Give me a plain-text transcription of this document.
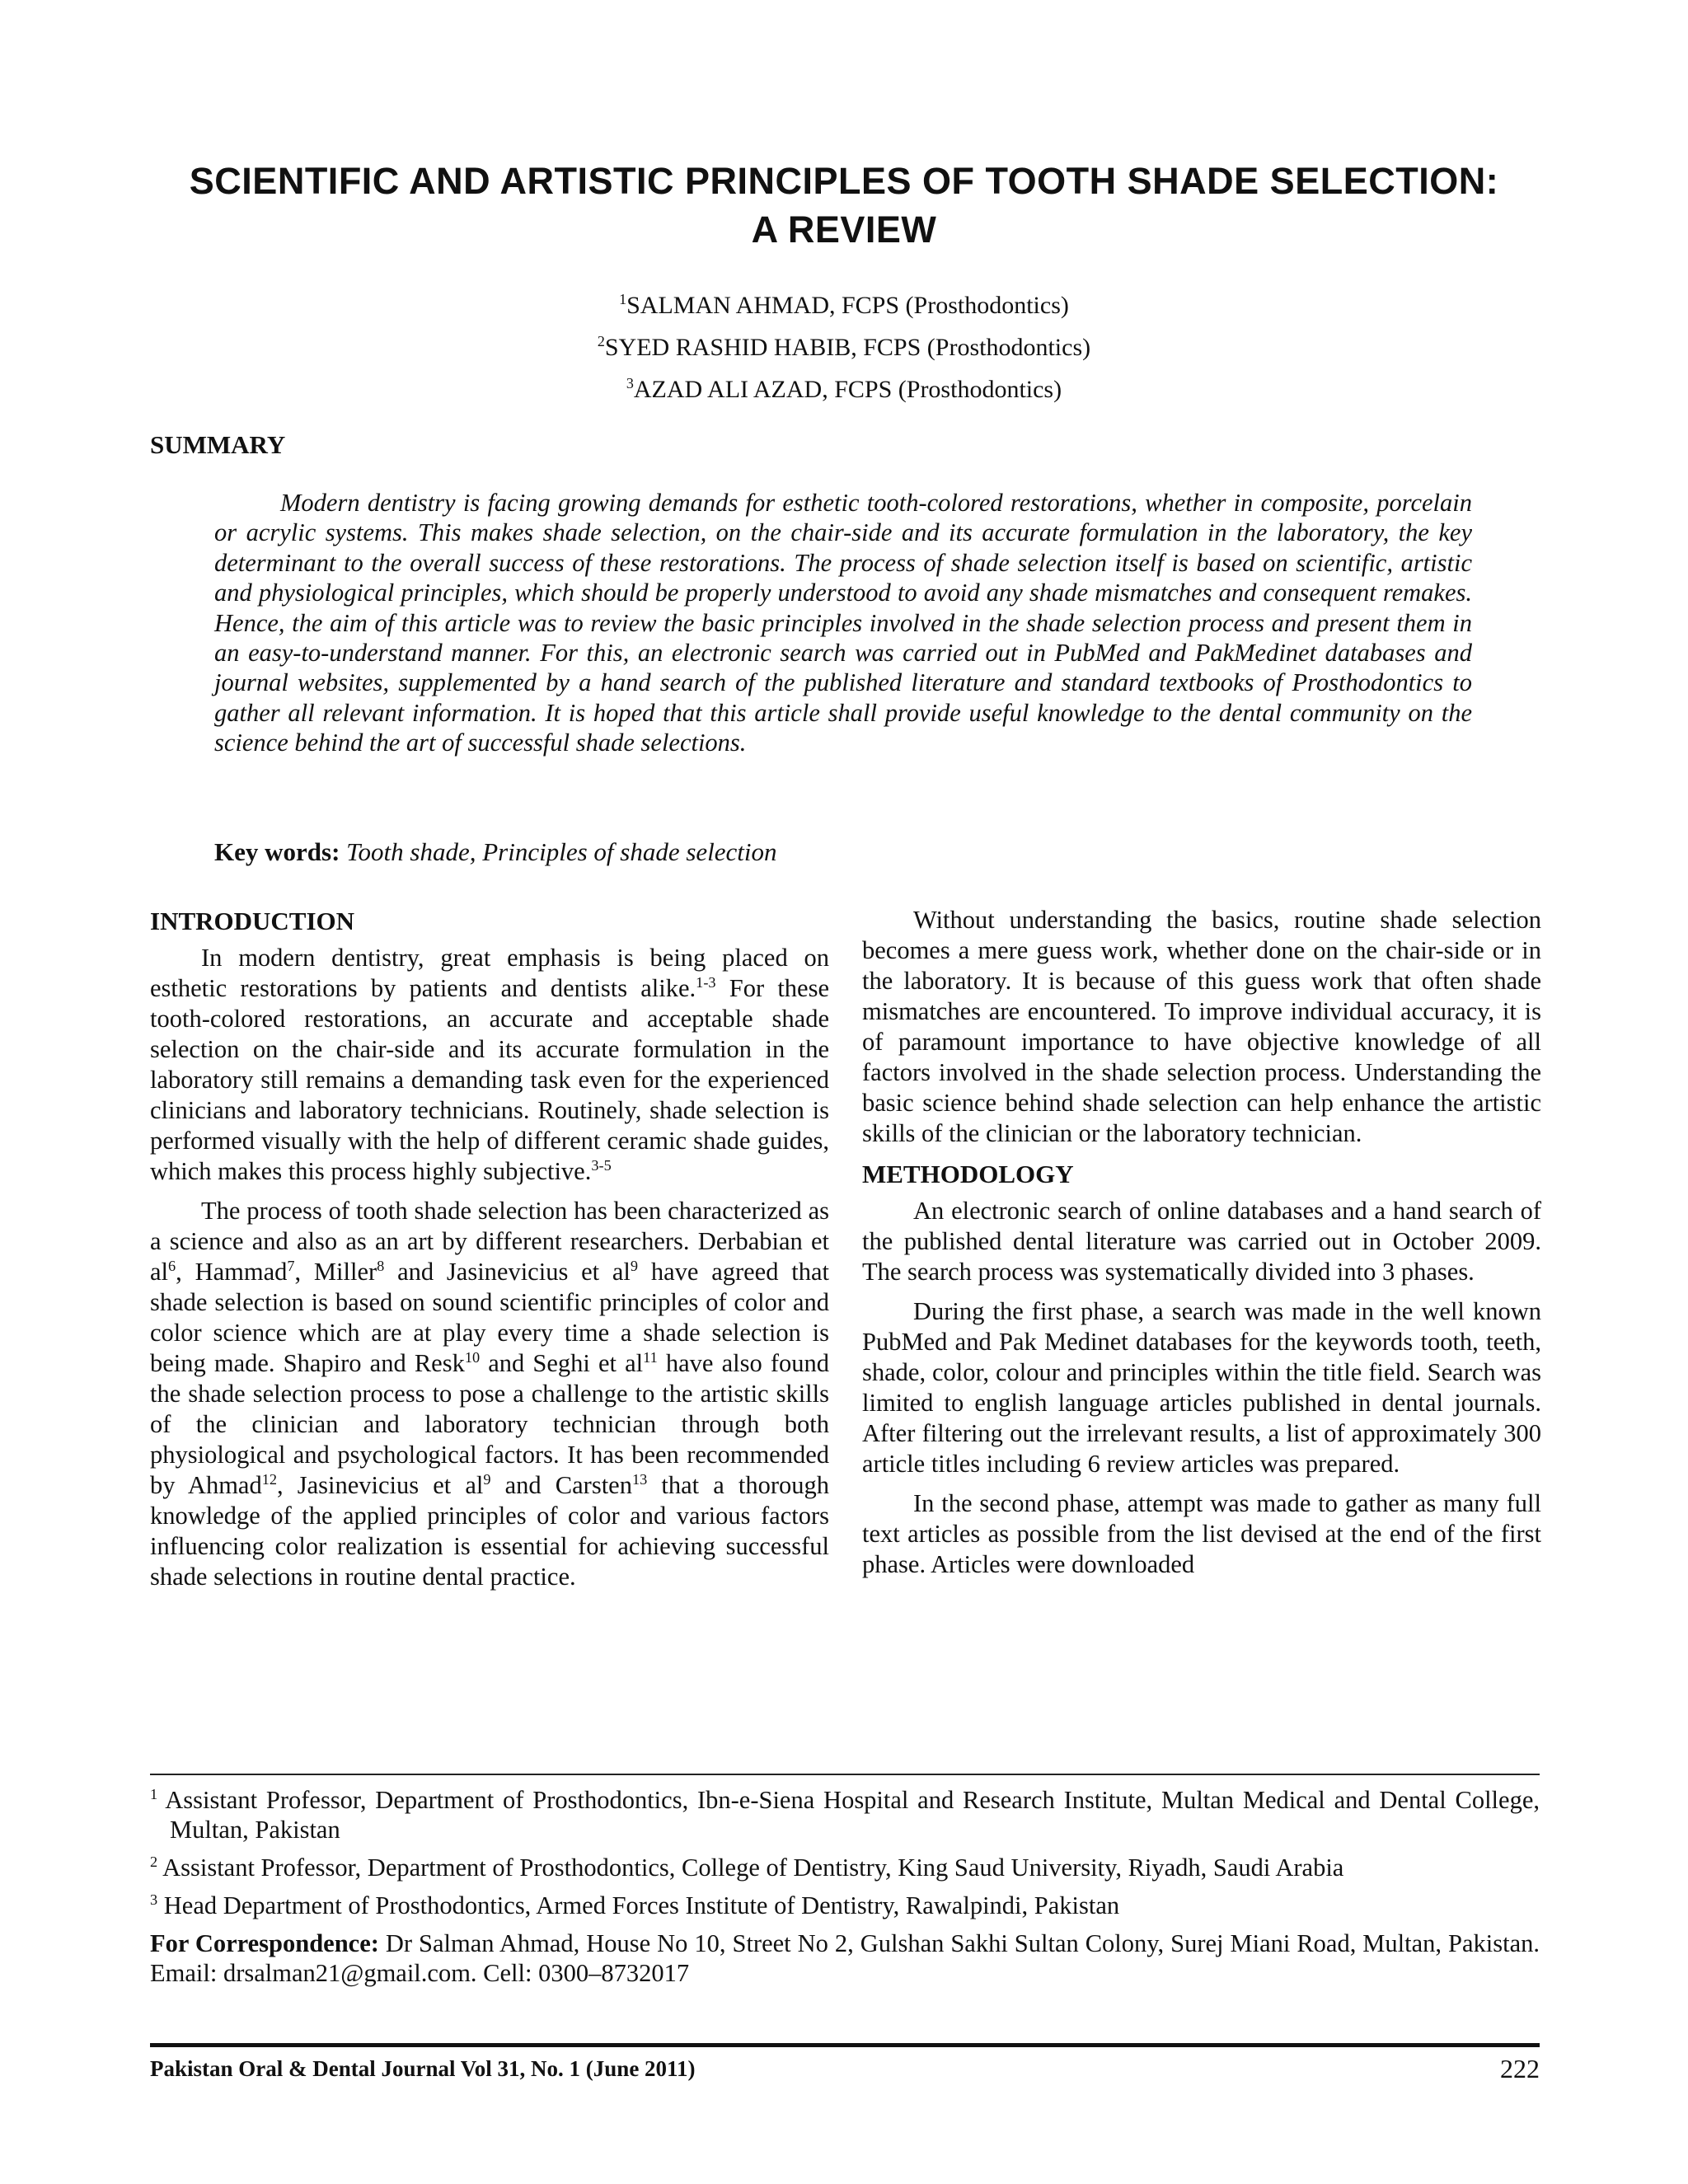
SCIENTIFIC AND ARTISTIC PRINCIPLES OF TOOTH SHADE SELECTION:
A REVIEW
$^1$SALMAN AHMAD, FCPS (Prosthodontics)
$^2$SYED RASHID HABIB, FCPS (Prosthodontics)
$^3$AZAD ALI AZAD, FCPS (Prosthodontics)
SUMMARY

Modern dentistry is facing growing demands for esthetic tooth-colored restorations, whether in composite, porcelain or acrylic systems. This makes shade selection, on the chair-side and its accurate formulation in the laboratory, the key determinant to the overall success of these restorations. The process of shade selection itself is based on scientific, artistic and physiological principles, which should be properly understood to avoid any shade mismatches and consequent remakes. Hence, the aim of this article was to review the basic principles involved in the shade selection process and present them in an easy-to-understand manner. For this, an electronic search was carried out in PubMed and PakMedinet databases and journal websites, supplemented by a hand search of the published literature and standard textbooks of Prosthodontics to gather all relevant information. It is hoped that this article shall provide useful knowledge to the dental community on the science behind the art of successful shade selections.

Key words: Tooth shade, Principles of shade selection
INTRODUCTION

In modern dentistry, great emphasis is being placed on esthetic restorations by patients and dentists alike.$^{1-3}$ For these tooth-colored restorations, an accurate and acceptable shade selection on the chair-side and its accurate formulation in the laboratory still remains a demanding task even for the experienced clinicians and laboratory technicians. Routinely, shade selection is performed visually with the help of different ceramic shade guides, which makes this process highly subjective.$^{3-5}$

The process of tooth shade selection has been characterized as a science and also as an art by different researchers. Derbabian et $al^6$, Hammad$^7$, Miller$^8$ and Jasinevicius et $al^9$ have agreed that shade selection is based on sound scientific principles of color and color science which are at play every time a shade selection is being made. Shapiro and Resk$^{10}$ and Seghi et $al^{11}$ have also found the shade selection process to pose a challenge to the artistic skills of the clinician and laboratory technician through both physiological and psychological factors. It has been recommended by Ahmad$^{12}$, Jasinevicius et $al^9$ and Carsten$^{13}$ that a thorough knowledge of the applied principles of color and various factors influencing color realization is essential for achieving successful shade selections in routine dental practice.

Without understanding the basics, routine shade selection becomes a mere guess work, whether done on the chair-side or in the laboratory. It is because of this guess work that often shade mismatches are encountered. To improve individual accuracy, it is of paramount importance to have objective knowledge of all factors involved in the shade selection process. Understanding the basic science behind shade selection can help enhance the artistic skills of the clinician or the laboratory technician.

METHODOLOGY

An electronic search of online databases and a hand search of the published dental literature was carried out in October 2009. The search process was systematically divided into 3 phases.

During the first phase, a search was made in the well known PubMed and Pak Medinet databases for the keywords tooth, teeth, shade, color, colour and principles within the title field. Search was limited to english language articles published in dental journals. After filtering out the irrelevant results, a list of approximately 300 article titles including 6 review articles was prepared.

In the second phase, attempt was made to gather as many full text articles as possible from the list devised at the end of the first phase. Articles were downloaded

$^1$ Assistant Professor, Department of Prosthodontics, Ibn-e-Siena Hospital and Research Institute, Multan Medical and Dental College, Multan, Pakistan
$^2$ Assistant Professor, Department of Prosthodontics, College of Dentistry, King Saud University, Riyadh, Saudi Arabia
$^3$ Head Department of Prosthodontics, Armed Forces Institute of Dentistry, Rawalpindi, Pakistan

For Correspondence: Dr Salman Ahmad, House No 10, Street No 2, Gulshan Sakhi Sultan Colony, Surej Miani Road, Multan, Pakistan. Email: drsalman21@gmail.com. Cell: 0300–8732017

Pakistan Oral & Dental Journal Vol 31, No. 1 (June 2011)	222
